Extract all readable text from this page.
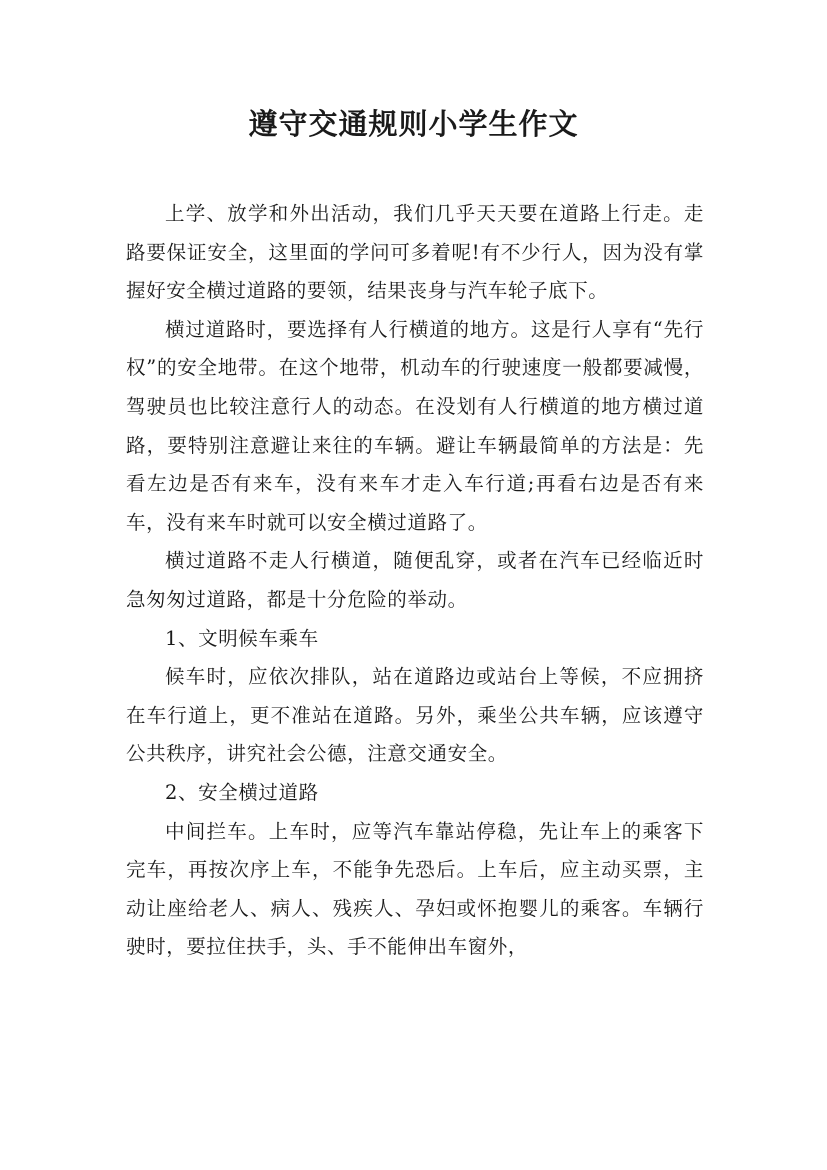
遵守交通规则小学生作文

上学、放学和外出活动，我们几乎天天要在道路上行走。走路要保证安全，这里面的学问可多着呢!有不少行人，因为没有掌握好安全横过道路的要领，结果丧身与汽车轮子底下。

横过道路时，要选择有人行横道的地方。这是行人享有“先行权”的安全地带。在这个地带，机动车的行驶速度一般都要减慢，驾驶员也比较注意行人的动态。在没划有人行横道的地方横过道路，要特别注意避让来往的车辆。避让车辆最简单的方法是：先看左边是否有来车，没有来车才走入车行道;再看右边是否有来车，没有来车时就可以安全横过道路了。

横过道路不走人行横道，随便乱穿，或者在汽车已经临近时急匆匆过道路，都是十分危险的举动。

1、文明候车乘车

候车时，应依次排队，站在道路边或站台上等候，不应拥挤在车行道上，更不准站在道路。另外，乘坐公共车辆，应该遵守公共秩序，讲究社会公德，注意交通安全。

2、安全横过道路

中间拦车。上车时，应等汽车靠站停稳，先让车上的乘客下完车，再按次序上车，不能争先恐后。上车后，应主动买票，主动让座给老人、病人、残疾人、孕妇或怀抱婴儿的乘客。车辆行驶时，要拉住扶手，头、手不能伸出车窗外，
